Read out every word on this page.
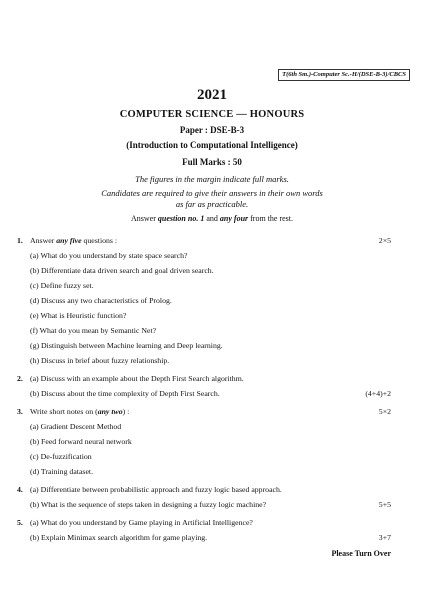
T(6th Sm.)-Computer Sc.-H/(DSE-B-3)/CBCS
2021
COMPUTER SCIENCE — HONOURS
Paper : DSE-B-3
(Introduction to Computational Intelligence)
Full Marks : 50
The figures in the margin indicate full marks.
Candidates are required to give their answers in their own words
as far as practicable.
Answer question no. 1 and any four from the rest.
1. Answer any five questions :	2×5
(a) What do you understand by state space search?
(b) Differentiate data driven search and goal driven search.
(c) Define fuzzy set.
(d) Discuss any two characteristics of Prolog.
(e) What is Heuristic function?
(f) What do you mean by Semantic Net?
(g) Distinguish between Machine learning and Deep learning.
(h) Discuss in brief about fuzzy relationship.
2. (a) Discuss with an example about the Depth First Search algorithm.
(b) Discuss about the time complexity of Depth First Search.	(4+4)+2
3. Write short notes on (any two) :	5×2
(a) Gradient Descent Method
(b) Feed forward neural network
(c) De-fuzzification
(d) Training dataset.
4. (a) Differentiate between probabilistic approach and fuzzy logic based approach.
(b) What is the sequence of steps taken in designing a fuzzy logic machine?	5+5
5. (a) What do you understand by Game playing in Artificial Intelligence?
(b) Explain Minimax search algorithm for game playing.	3+7
Please Turn Over
